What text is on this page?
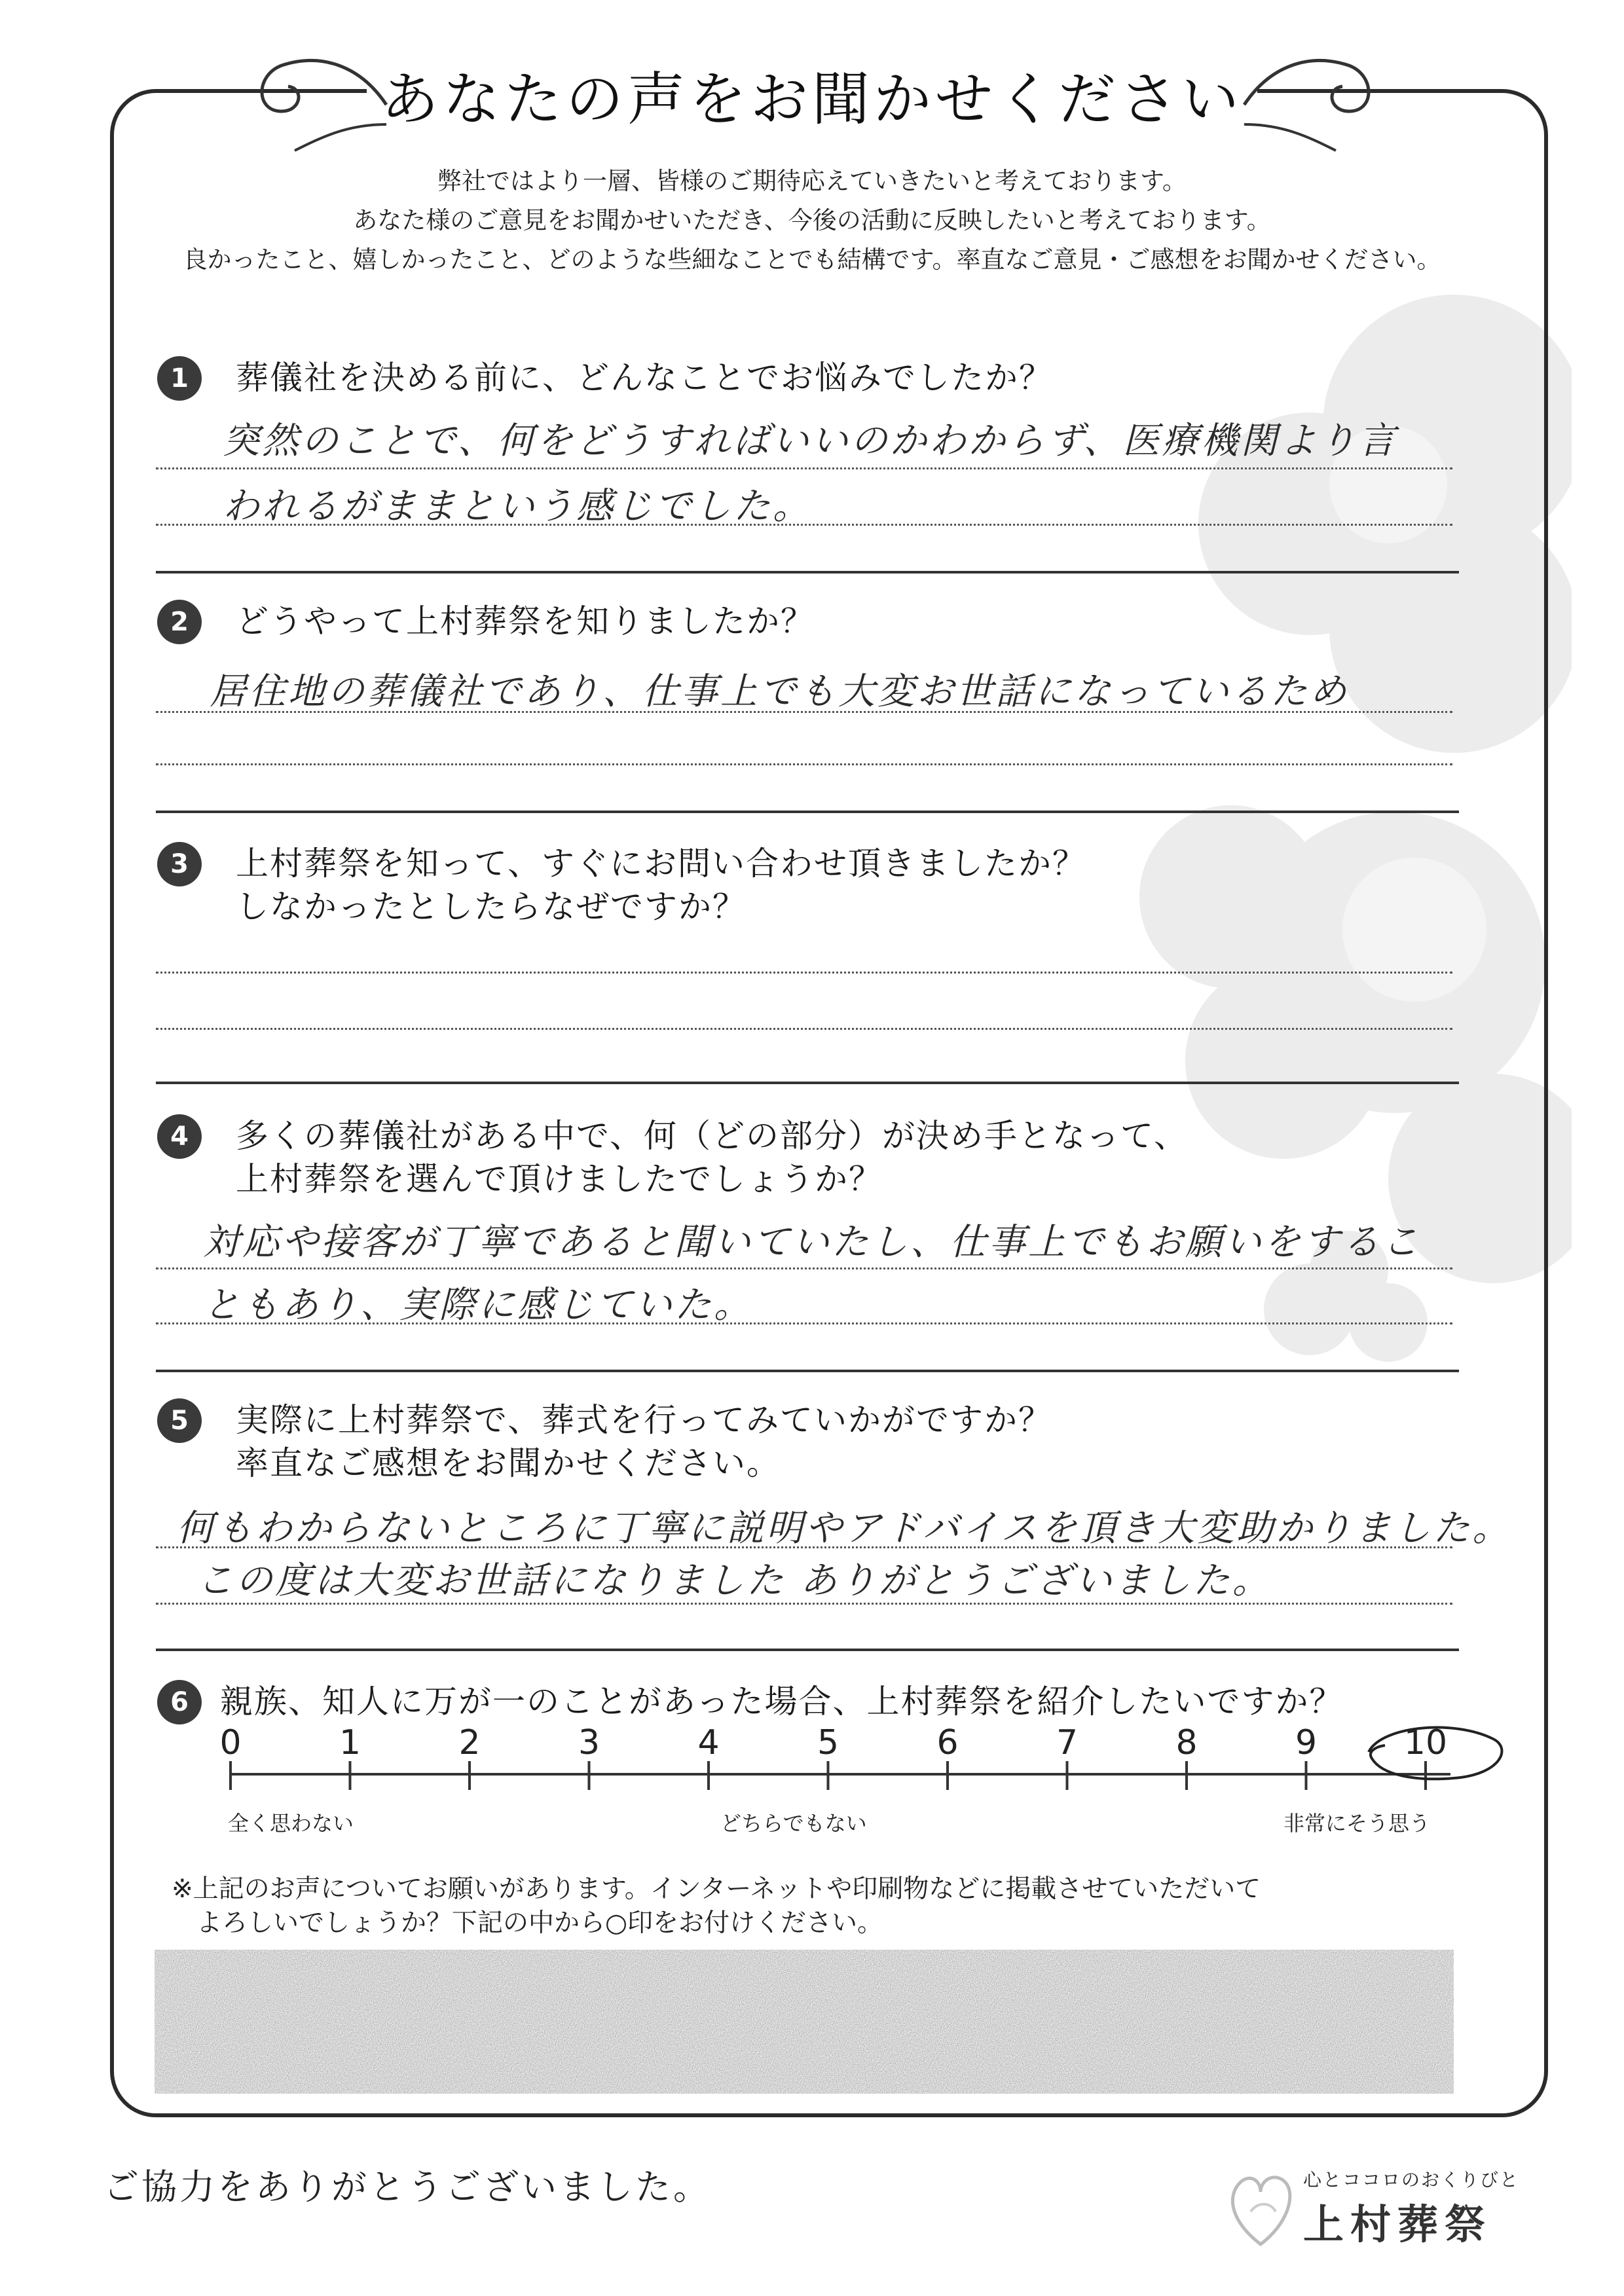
あなたの声をお聞かせください
弊社ではより一層、皆様のご期待応えていきたいと考えております。
あなた様のご意見をお聞かせいただき、今後の活動に反映したいと考えております。
良かったこと、嬉しかったこと、どのような些細なことでも結構です。率直なご意見・ご感想をお聞かせください。
1	葬儀社を決める前に、どんなことでお悩みでしたか？
突然のことで、何をどうすればいいのかわからず、医療機関より言われるがままという感じでした。
2	どうやって上村葬祭を知りましたか？
居住地の葬儀社であり、仕事上でも大変お世話になっているため
3	上村葬祭を知って、すぐにお問い合わせ頂きましたか？
しなかったとしたらなぜですか？
4	多くの葬儀社がある中で、何（どの部分）が決め手となって、
上村葬祭を選んで頂けましたでしょうか？
対応や接客が丁寧であると聞いていたし、仕事上でもお願いをすることもあり、実際に感じていた。
5	実際に上村葬祭で、葬式を行ってみていかがですか？
率直なご感想をお聞かせください。
何もわからないところに丁寧に説明やアドバイスを頂き大変助かりました。
この度は大変お世話になりました ありがとうございました。
6 親族、知人に万が一のことがあった場合、上村葬祭を紹介したいですか？
0	1	2	3	4	5	6	7	8	9	10
全く思わない	どちらでもない	非常にそう思う
※上記のお声についてお願いがあります。インターネットや印刷物などに掲載させていただいて
よろしいでしょうか？下記の中から○印をお付けください。
ご協力をありがとうございました。	心とココロのおくりびと
上村葬祭
